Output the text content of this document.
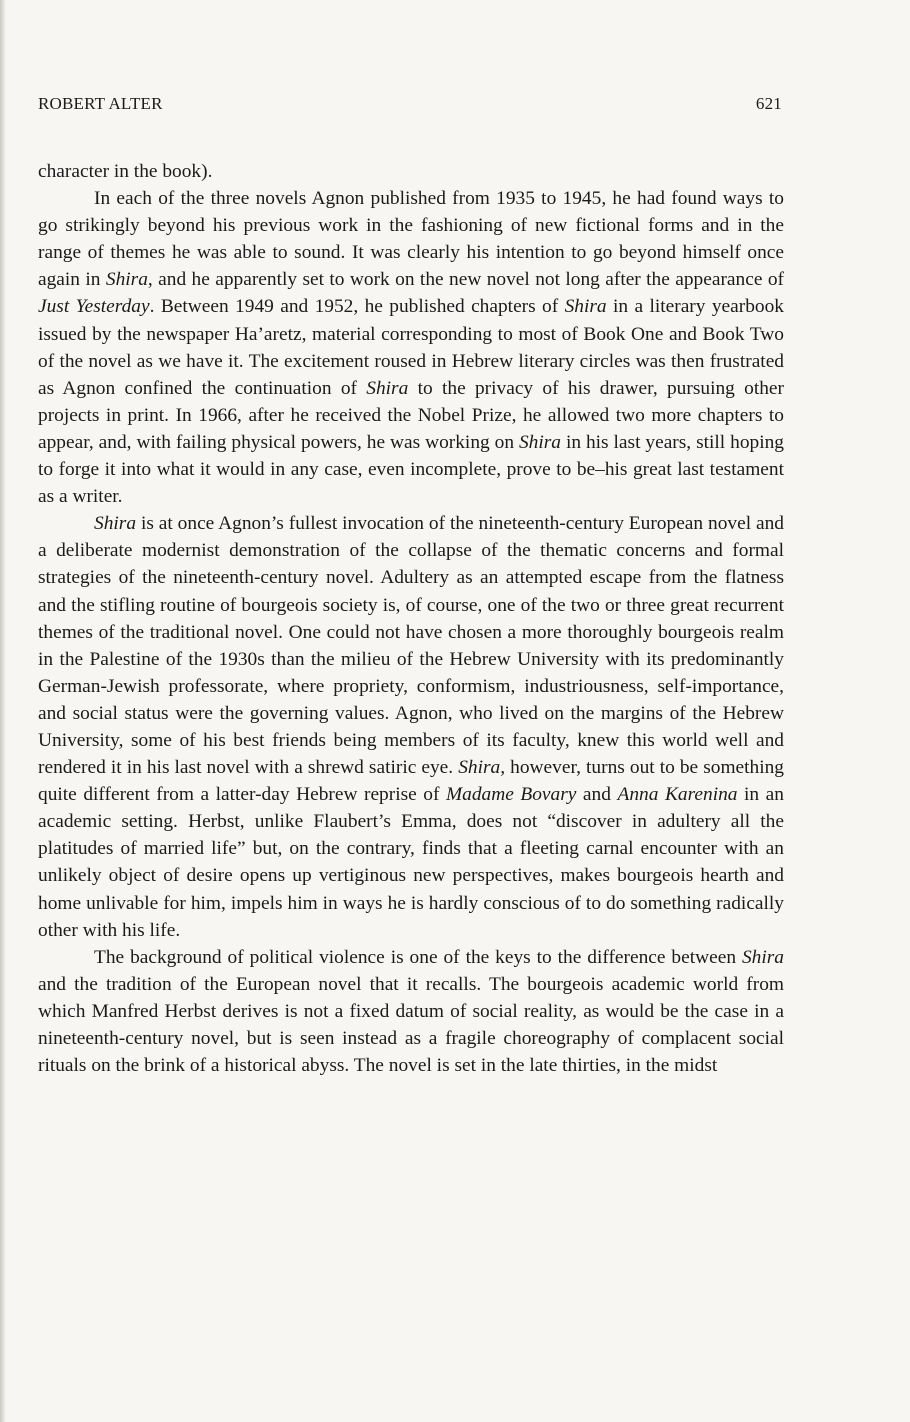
ROBERT ALTER	621

character in the book).

In each of the three novels Agnon published from 1935 to 1945, he had found ways to go strikingly beyond his previous work in the fashioning of new fictional forms and in the range of themes he was able to sound. It was clearly his intention to go beyond himself once again in Shira, and he apparently set to work on the new novel not long after the appearance of Just Yesterday. Between 1949 and 1952, he published chapters of Shira in a literary yearbook issued by the newspaper Ha’aretz, material corresponding to most of Book One and Book Two of the novel as we have it. The excitement roused in Hebrew literary circles was then frustrated as Agnon confined the continuation of Shira to the privacy of his drawer, pursuing other projects in print. In 1966, after he received the Nobel Prize, he allowed two more chapters to appear, and, with failing physical powers, he was working on Shira in his last years, still hoping to forge it into what it would in any case, even incomplete, prove to be–his great last testament as a writer.

Shira is at once Agnon’s fullest invocation of the nineteenth-century European novel and a deliberate modernist demonstration of the collapse of the thematic concerns and formal strategies of the nineteenth-century novel. Adultery as an attempted escape from the flatness and the stifling routine of bourgeois society is, of course, one of the two or three great recurrent themes of the traditional novel. One could not have chosen a more thoroughly bourgeois realm in the Palestine of the 1930s than the milieu of the Hebrew University with its predominantly German-Jewish professorate, where propriety, conformism, industriousness, self-importance, and social status were the governing values. Agnon, who lived on the margins of the Hebrew University, some of his best friends being members of its faculty, knew this world well and rendered it in his last novel with a shrewd satiric eye. Shira, however, turns out to be something quite different from a latter-day Hebrew reprise of Madame Bovary and Anna Karenina in an academic setting. Herbst, unlike Flaubert’s Emma, does not “discover in adultery all the platitudes of married life” but, on the contrary, finds that a fleeting carnal encounter with an unlikely object of desire opens up vertiginous new perspectives, makes bourgeois hearth and home unlivable for him, impels him in ways he is hardly conscious of to do something radically other with his life.

The background of political violence is one of the keys to the difference between Shira and the tradition of the European novel that it recalls. The bourgeois academic world from which Manfred Herbst derives is not a fixed datum of social reality, as would be the case in a nineteenth-century novel, but is seen instead as a fragile choreography of complacent social rituals on the brink of a historical abyss. The novel is set in the late thirties, in the midst
